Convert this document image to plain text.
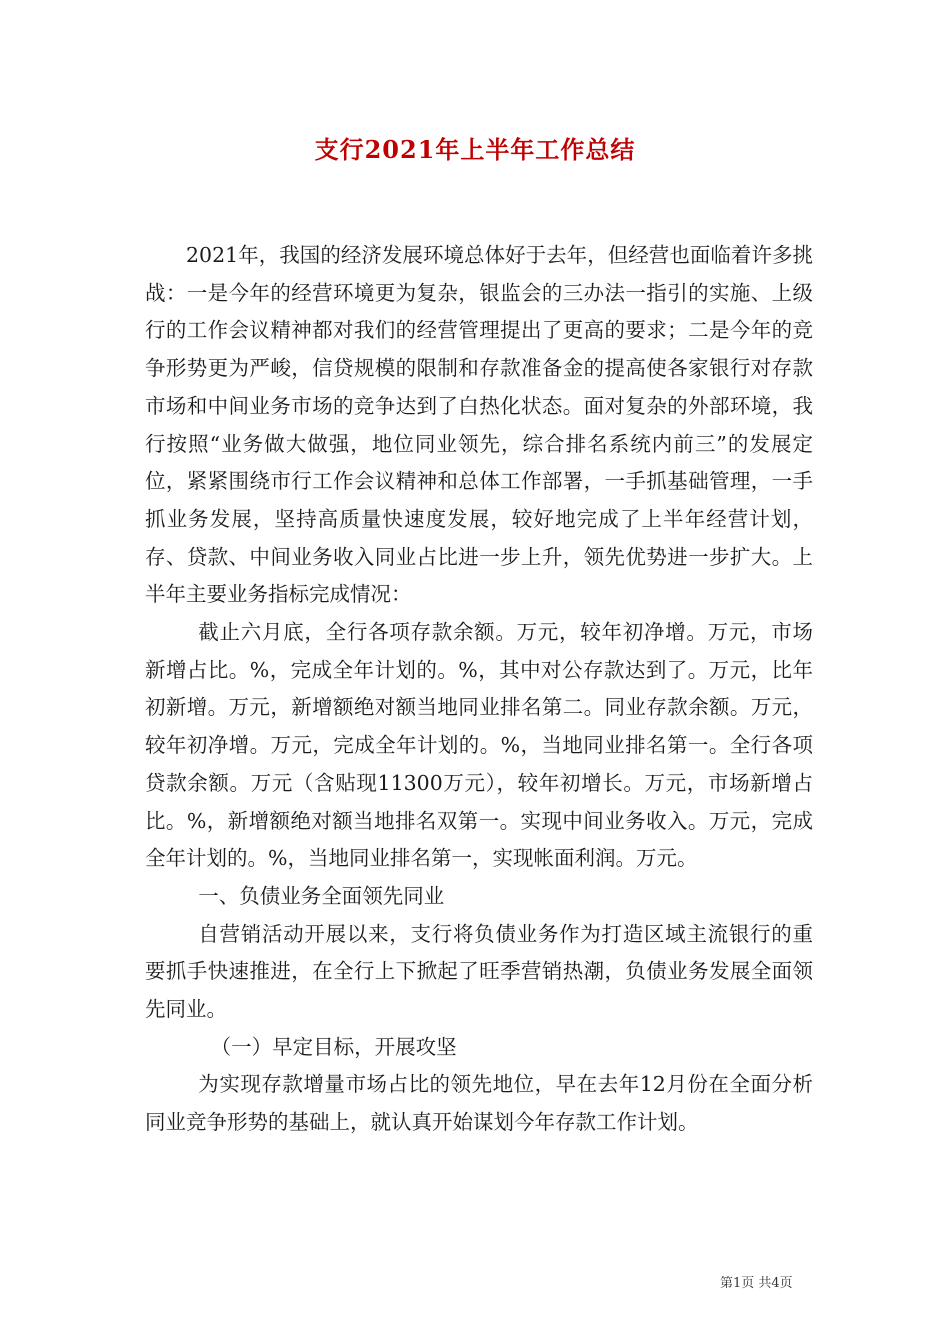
支行2021年上半年工作总结

2021年，我国的经济发展环境总体好于去年，但经营也面临着许多挑战：一是今年的经营环境更为复杂，银监会的三办法一指引的实施、上级行的工作会议精神都对我们的经营管理提出了更高的要求；二是今年的竞争形势更为严峻，信贷规模的限制和存款准备金的提高使各家银行对存款市场和中间业务市场的竞争达到了白热化状态。面对复杂的外部环境，我行按照“业务做大做强，地位同业领先，综合排名系统内前三”的发展定位，紧紧围绕市行工作会议精神和总体工作部署，一手抓基础管理，一手抓业务发展，坚持高质量快速度发展，较好地完成了上半年经营计划，存、贷款、中间业务收入同业占比进一步上升，领先优势进一步扩大。上半年主要业务指标完成情况：

截止六月底，全行各项存款余额。万元，较年初净增。万元，市场新增占比。%，完成全年计划的。%，其中对公存款达到了。万元，比年初新增。万元，新增额绝对额当地同业排名第二。同业存款余额。万元，较年初净增。万元，完成全年计划的。%，当地同业排名第一。全行各项贷款余额。万元（含贴现11300万元），较年初增长。万元，市场新增占比。%，新增额绝对额当地排名双第一。实现中间业务收入。万元，完成全年计划的。%，当地同业排名第一，实现帐面利润。万元。

一、负债业务全面领先同业

自营销活动开展以来，支行将负债业务作为打造区域主流银行的重要抓手快速推进，在全行上下掀起了旺季营销热潮，负债业务发展全面领先同业。

（一）早定目标，开展攻坚

为实现存款增量市场占比的领先地位，早在去年12月份在全面分析同业竞争形势的基础上，就认真开始谋划今年存款工作计划。

第1页 共4页
